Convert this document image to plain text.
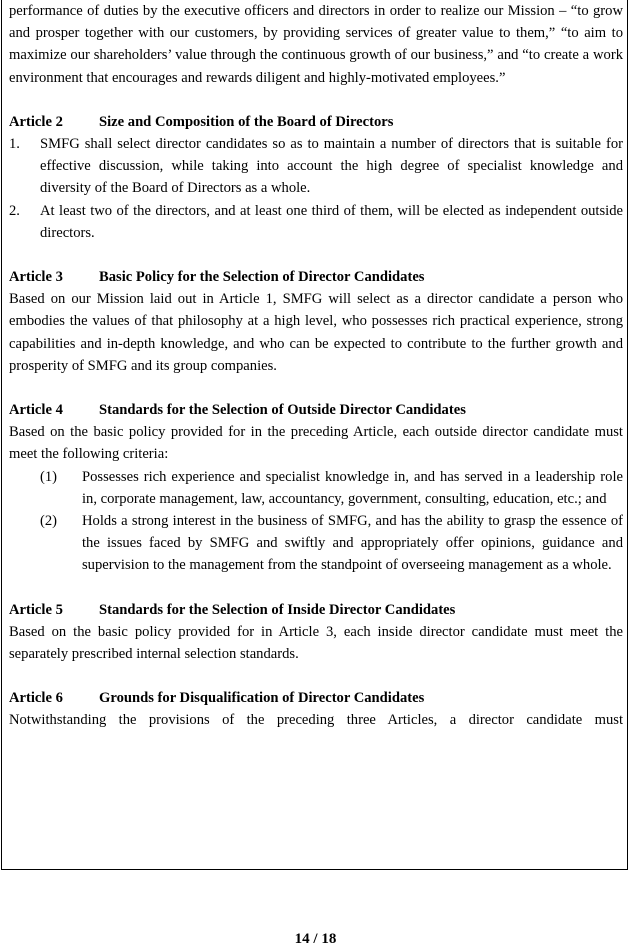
performance of duties by the executive officers and directors in order to realize our Mission – “to grow and prosper together with our customers, by providing services of greater value to them,” “to aim to maximize our shareholders’ value through the continuous growth of our business,” and “to create a work environment that encourages and rewards diligent and highly-motivated employees.”

Article 2	Size and Composition of the Board of Directors
1.	SMFG shall select director candidates so as to maintain a number of directors that is suitable for effective discussion, while taking into account the high degree of specialist knowledge and diversity of the Board of Directors as a whole.
2.	At least two of the directors, and at least one third of them, will be elected as independent outside directors.
Article 3	Basic Policy for the Selection of Director Candidates

Based on our Mission laid out in Article 1, SMFG will select as a director candidate a person who embodies the values of that philosophy at a high level, who possesses rich practical experience, strong capabilities and in-depth knowledge, and who can be expected to contribute to the further growth and prosperity of SMFG and its group companies.

Article 4	Standards for the Selection of Outside Director Candidates

Based on the basic policy provided for in the preceding Article, each outside director candidate must meet the following criteria:

(1)	Possesses rich experience and specialist knowledge in, and has served in a leadership role in, corporate management, law, accountancy, government, consulting, education, etc.; and
(2)	Holds a strong interest in the business of SMFG, and has the ability to grasp the essence of the issues faced by SMFG and swiftly and appropriately offer opinions, guidance and supervision to the management from the standpoint of overseeing management as a whole.
Article 5	Standards for the Selection of Inside Director Candidates

Based on the basic policy provided for in Article 3, each inside director candidate must meet the separately prescribed internal selection standards.

Article 6	Grounds for Disqualification of Director Candidates

Notwithstanding the provisions of the preceding three Articles, a director candidate must

14 / 18
